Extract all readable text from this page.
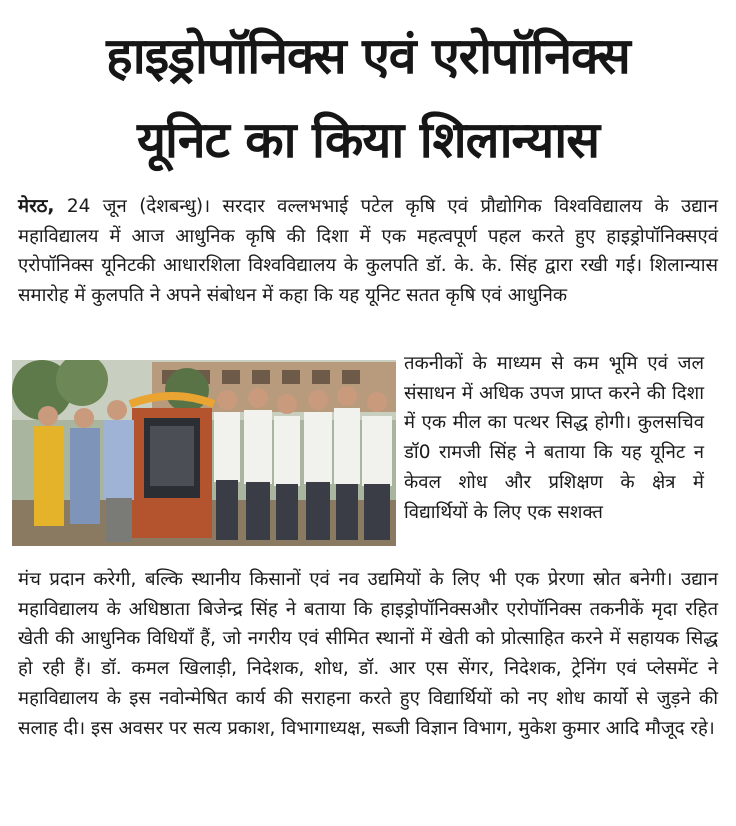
हाइड्रोपॉनिक्स एवं एरोपॉनिक्स
यूनिट का किया शिलान्यास
मेरठ, 24 जून (देशबन्धु)। सरदार वल्लभभाई पटेल कृषि एवं प्रौद्योगिक विश्वविद्यालय के उद्यान महाविद्यालय में आज आधुनिक कृषि की दिशा में एक महत्वपूर्ण पहल करते हुए हाइड्रोपॉनिक्सएवं एरोपॉनिक्स यूनिटकी आधारशिला विश्वविद्यालय के कुलपति डॉ. के. के. सिंह द्वारा रखी गई। शिलान्यास समारोह में कुलपति ने अपने संबोधन में कहा कि यह यूनिट सतत कृषि एवं आधुनिक
तकनीकों के माध्यम से कम भूमि एवं जल संसाधन में अधिक उपज प्राप्त करने की दिशा में एक मील का पत्थर सिद्ध होगी। कुलसचिव डॉ0 रामजी सिंह ने बताया कि यह यूनिट न केवल शोध और प्रशिक्षण के क्षेत्र में विद्यार्थियों के लिए एक सशक्त
मंच प्रदान करेगी, बल्कि स्थानीय किसानों एवं नव उद्यमियों के लिए भी एक प्रेरणा स्रोत बनेगी। उद्यान महाविद्यालय के अधिष्ठाता बिजेन्द्र सिंह ने बताया कि हाइड्रोपॉनिक्सऔर एरोपॉनिक्स तकनीकें मृदा रहित खेती की आधुनिक विधियाँ हैं, जो नगरीय एवं सीमित स्थानों में खेती को प्रोत्साहित करने में सहायक सिद्ध हो रही हैं। डॉ. कमल खिलाड़ी, निदेशक, शोध, डॉ. आर एस सेंगर, निदेशक, ट्रेनिंग एवं प्लेसमेंट ने महाविद्यालय के इस नवोन्मेषित कार्य की सराहना करते हुए विद्यार्थियों को नए शोध कार्यो से जुड़ने की सलाह दी। इस अवसर पर सत्य प्रकाश, विभागाध्यक्ष, सब्जी विज्ञान विभाग, मुकेश कुमार आदि मौजूद रहे।
